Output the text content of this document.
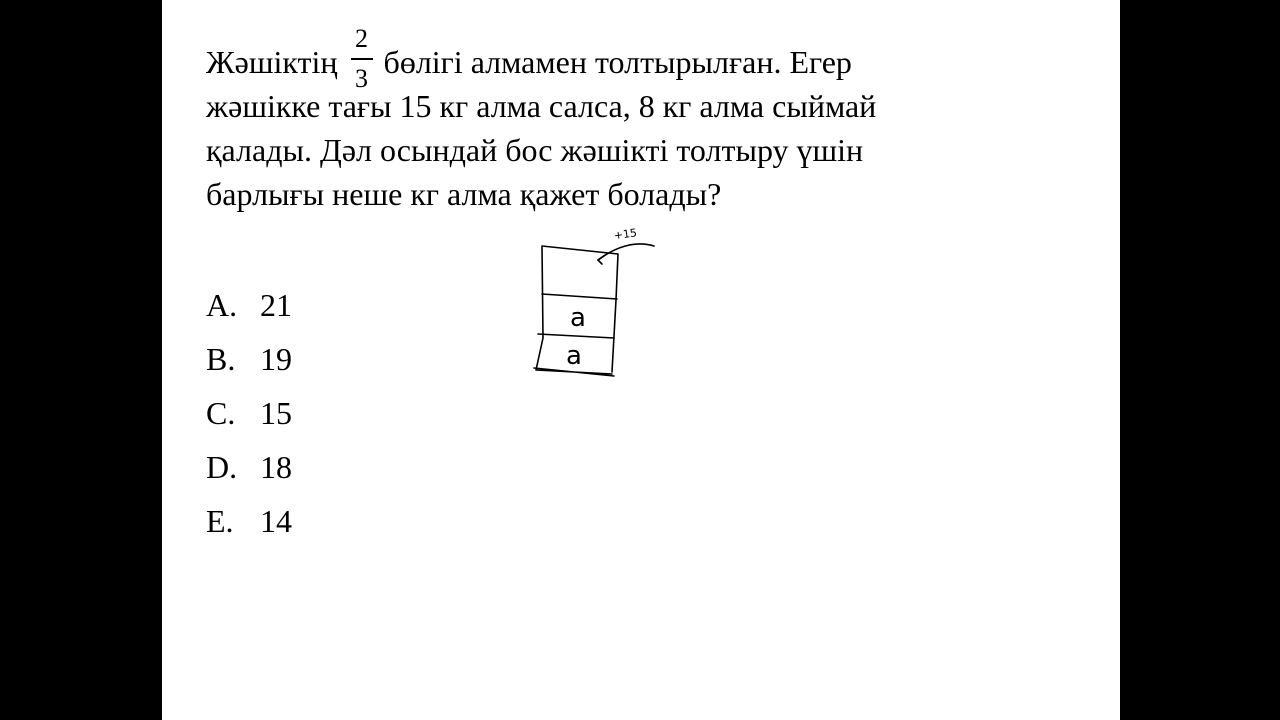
Жәшіктің $\frac{2}{3}$ бөлігі алмамен толтырылған. Егер
жәшікке тағы 15 кг алма салса, 8 кг алма сыймай
қалады. Дәл осындай бос жәшікті толтыру үшін
барлығы неше кг алма қажет болады?
+15
a
a
A. 21
B. 19
C. 15
D. 18
E. 14
